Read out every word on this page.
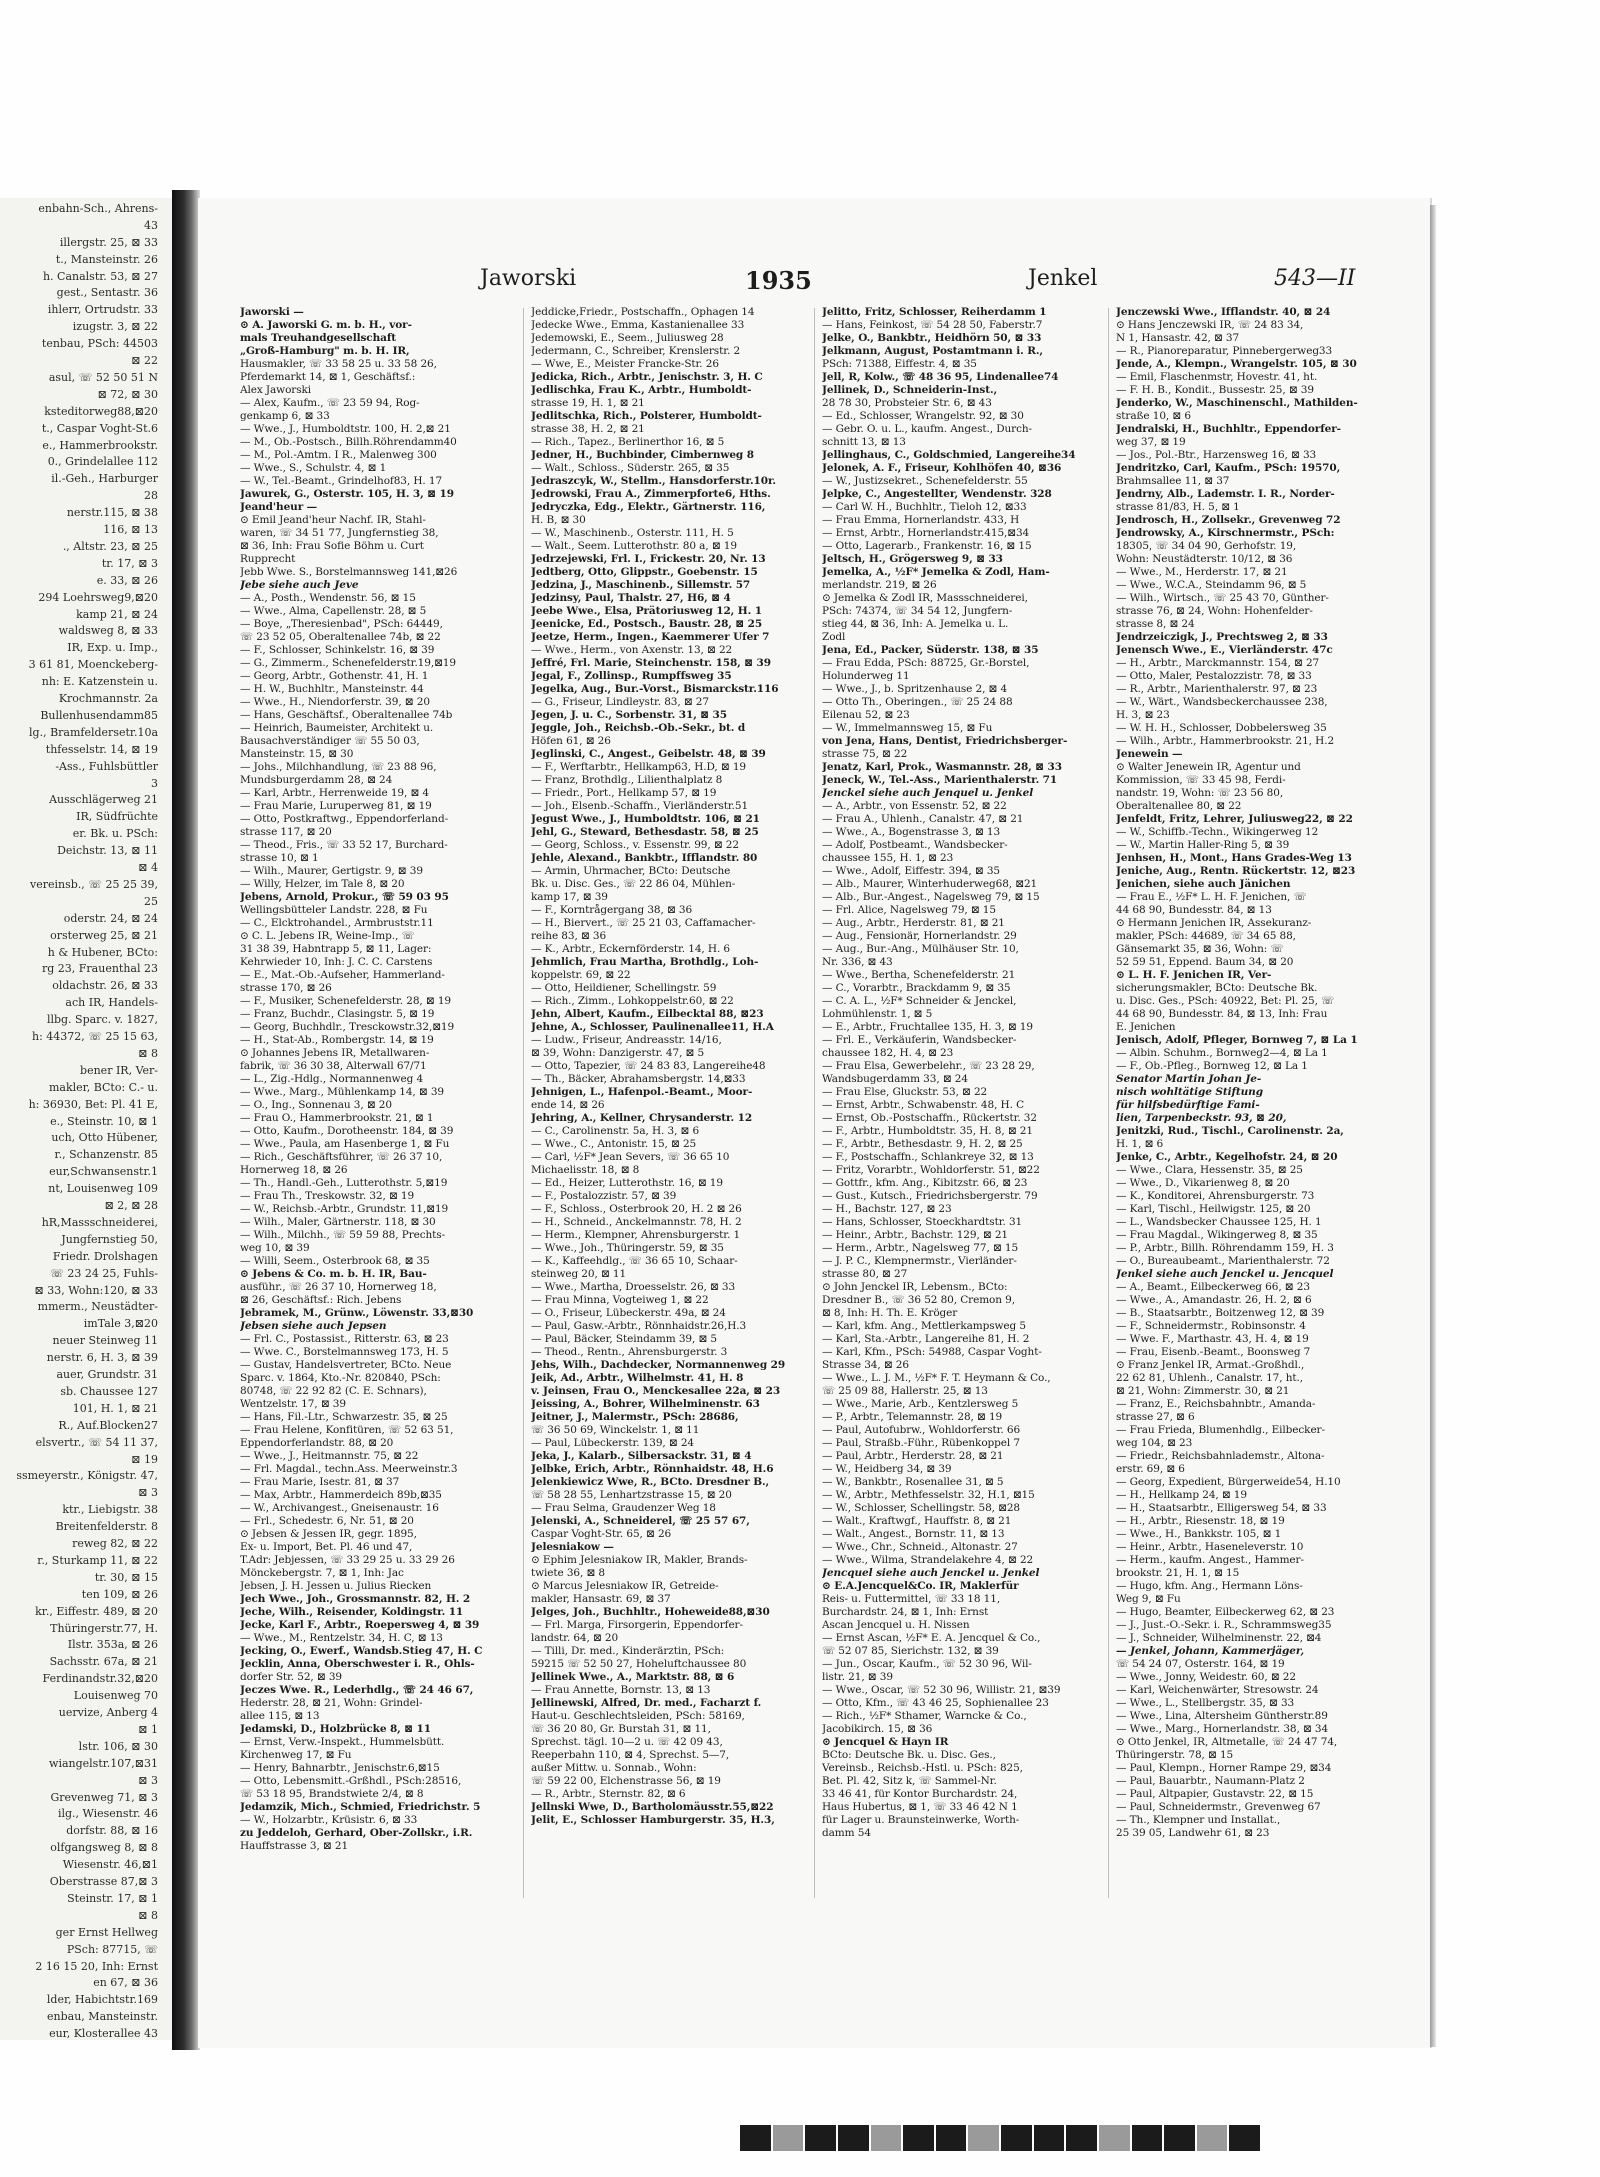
enbahn-Sch., Ahrens-
43
illergstr. 25, ⊠ 33
t., Mansteinstr. 26
h. Canalstr. 53, ⊠ 27
gest., Sentastr. 36
ihlerr, Ortrudstr. 33
izugstr. 3, ⊠ 22
tenbau, PSch: 44503
⊠ 22
asul, ☏ 52 50 51 N
⊠ 72, ⊠ 30
ksteditorweg88,⊠20
t., Caspar Voght-St.6
e., Hammerbrookstr.
0., Grindelallee 112
il.-Geh., Harburger
28
nerstr.115, ⊠ 38
116, ⊠ 13
., Altstr. 23, ⊠ 25
tr. 17, ⊠ 3
e. 33, ⊠ 26
294 Loehrsweg9,⊠20
kamp 21, ⊠ 24
waldsweg 8, ⊠ 33
IR, Exp. u. Imp.,
3 61 81, Moenckeberg-
nh: E. Katzenstein u.
Krochmannstr. 2a
Bullenhusendamm85
lg., Bramfeldersetr.10a
thfesselstr. 14, ⊠ 19
-Ass., Fuhlsbüttler
3
Ausschlägerweg 21
IR, Südfrüchte
er. Bk. u. PSch:
Deichstr. 13, ⊠ 11
⊠ 4
vereinsb., ☏ 25 25 39,
25
oderstr. 24, ⊠ 24
orsterweg 25, ⊠ 21
h & Hubener, BCto:
rg 23, Frauenthal 23
oldachstr. 26, ⊠ 33
ach IR, Handels-
llbg. Sparc. v. 1827,
h: 44372, ☏ 25 15 63,
⊠ 8
bener IR, Ver-
makler, BCto: C.- u.
h: 36930, Bet: Pl. 41 E,
e., Steinstr. 10, ⊠ 1
uch, Otto Hübener,
r., Schanzenstr. 85
eur,Schwansenstr.1
nt, Louisenweg 109
⊠ 2, ⊠ 28
hR,Massschneiderei,
Jungfernstieg 50,
Friedr. Drolshagen
☏ 23 24 25, Fuhls-
⊠ 33, Wohn:120, ⊠ 33
mmerm., Neustädter-
imTale 3,⊠20
neuer Steinweg 11
nerstr. 6, H. 3, ⊠ 39
auer, Grundstr. 31
sb. Chaussee 127
101, H. 1, ⊠ 21
R., Auf.Blocken27
elsvertr., ☏ 54 11 37,
⊠ 19
ssmeyerstr., Königstr. 47,
⊠ 3
ktr., Liebigstr. 38
Breitenfelderstr. 8
reweg 82, ⊠ 22
r., Sturkamp 11, ⊠ 22
tr. 30, ⊠ 15
ten 109, ⊠ 26
kr., Eiffestr. 489, ⊠ 20
Thüringerstr.77, H.
Ilstr. 353a, ⊠ 26
Sachsstr. 67a, ⊠ 21
Ferdinandstr.32,⊠20
Louisenweg 70
uervize, Anberg 4
⊠ 1
lstr. 106, ⊠ 30
wiangelstr.107,⊠31
⊠ 3
Grevenweg 71, ⊠ 3
ilg., Wiesenstr. 46
dorfstr. 88, ⊠ 16
olfgangsweg 8, ⊠ 8
Wiesenstr. 46,⊠1
Oberstrasse 87,⊠ 3
Steinstr. 17, ⊠ 1
⊠ 8
ger Ernst Hellweg
PSch: 87715, ☏
2 16 15 20, Inh: Ernst
en 67, ⊠ 36
lder, Habichtstr.169
enbau, Mansteinstr.
eur, Klosterallee 43
Jaworski	1935	Jenkel	543—II
Jaworski —
⊙ A. Jaworski G. m. b. H., vor-
mals Treuhandgesellschaft
„Groß-Hamburg" m. b. H. IR,
Hausmakler, ☏ 33 58 25 u. 33 58 26,
Pferdemarkt 14, ⊠ 1, Geschäftsf.:
Alex Jaworski
— Alex, Kaufm., ☏ 23 59 94, Rog-
genkamp 6, ⊠ 33
— Wwe., J., Humboldtstr. 100, H. 2,⊠ 21
— M., Ob.-Postsch., Billh.Röhrendamm40
— M., Pol.-Amtm. I R., Malenweg 300
— Wwe., S., Schulstr. 4, ⊠ 1
— W., Tel.-Beamt., Grindelhof83, H. 17
Jawurek, G., Osterstr. 105, H. 3, ⊠ 19
Jeand'heur —
⊙ Emil Jeand'heur Nachf. IR, Stahl-
waren, ☏ 34 51 77, Jungfernstieg 38,
⊠ 36, Inh: Frau Sofie Böhm u. Curt
Rupprecht
Jebb Wwe. S., Borstelmannsweg 141,⊠26
Jebe siehe auch Jeve
— A., Posth., Wendenstr. 56, ⊠ 15
— Wwe., Alma, Capellenstr. 28, ⊠ 5
— Boye, „Theresienbad", PSch: 64449,
☏ 23 52 05, Oberaltenallee 74b, ⊠ 22
— F., Schlosser, Schinkelstr. 16, ⊠ 39
— G., Zimmerm., Schenefelderstr.19,⊠19
— Georg, Arbtr., Gothenstr. 41, H. 1
— H. W., Buchhltr., Mansteinstr. 44
— Wwe., H., Niendorferstr. 39, ⊠ 20
— Hans, Geschäftsf., Oberaltenallee 74b
— Heinrich, Baumeister, Architekt u.
Bausachverständiger ☏ 55 50 03,
Mansteinstr. 15, ⊠ 30
— Johs., Milchhandlung, ☏ 23 88 96,
Mundsburgerdamm 28, ⊠ 24
— Karl, Arbtr., Herrenweide 19, ⊠ 4
— Frau Marie, Luruperweg 81, ⊠ 19
— Otto, Postkraftwg., Eppendorferland-
strasse 117, ⊠ 20
— Theod., Fris., ☏ 33 52 17, Burchard-
strasse 10, ⊠ 1
— Wilh., Maurer, Gertigstr. 9, ⊠ 39
— Willy, Helzer, im Tale 8, ⊠ 20
Jebens, Arnold, Prokur., ☏ 59 03 95
Wellingsbütteler Landstr. 228, ⊠ Fu
— C., Elcktrohandel., Armbruststr.11
⊙ C. L. Jebens IR, Weine-Imp., ☏
31 38 39, Habntrapp 5, ⊠ 11, Lager:
Kehrwieder 10, Inh: J. C. C. Carstens
— E., Mat.-Ob.-Aufseher, Hammerland-
strasse 170, ⊠ 26
— F., Musiker, Schenefelderstr. 28, ⊠ 19
— Franz, Buchdr., Clasingstr. 5, ⊠ 19
— Georg, Buchhdlr., Tresckowstr.32,⊠19
— H., Stat-Ab., Rombergstr. 14, ⊠ 19
⊙ Johannes Jebens IR, Metallwaren-
fabrik, ☏ 36 30 38, Alterwall 67/71
— L., Zig.-Hdlg., Normannenweg 4
— Wwe., Marg., Mühlenkamp 14, ⊠ 39
— O., Ing., Sonnenau 3, ⊠ 20
— Frau O., Hammerbrookstr. 21, ⊠ 1
— Otto, Kaufm., Dorotheenstr. 184, ⊠ 39
— Wwe., Paula, am Hasenberge 1, ⊠ Fu
— Rich., Geschäftsführer, ☏ 26 37 10,
Hornerweg 18, ⊠ 26
— Th., Handl.-Geh., Lutterothstr. 5,⊠19
— Frau Th., Treskowstr. 32, ⊠ 19
— W., Reichsb.-Arbtr., Grundstr. 11,⊠19
— Wilh., Maler, Gärtnerstr. 118, ⊠ 30
— Wilh., Milchh., ☏ 59 59 88, Prechts-
weg 10, ⊠ 39
— Willi, Seem., Osterbrook 68, ⊠ 35
⊙ Jebens & Co. m. b. H. IR, Bau-
ausführ., ☏ 26 37 10, Hornerweg 18,
⊠ 26, Geschäftsf.: Rich. Jebens
Jebramek, M., Grünw., Löwenstr. 33,⊠30
Jebsen siehe auch Jepsen
— Frl. C., Postassist., Ritterstr. 63, ⊠ 23
— Wwe. C., Borstelmannsweg 173, H. 5
— Gustav, Handelsvertreter, BCto. Neue
Sparc. v. 1864, Kto.-Nr. 820840, PSch:
80748, ☏ 22 92 82 (C. E. Schnars),
Wentzelstr. 17, ⊠ 39
— Hans, Fil.-Ltr., Schwarzestr. 35, ⊠ 25
— Frau Helene, Konfitüren, ☏ 52 63 51,
Eppendorferlandstr. 88, ⊠ 20
— Wwe., J., Heitmannstr. 75, ⊠ 22
— Frl. Magdal., techn.Ass. Meerweinstr.3
— Frau Marie, Isestr. 81, ⊠ 37
— Max, Arbtr., Hammerdeich 89b,⊠35
— W., Archivangest., Gneisenaustr. 16
— Frl., Schedestr. 6, Nr. 51, ⊠ 20
⊙ Jebsen & Jessen IR, gegr. 1895,
Ex- u. Import, Bet. Pl. 46 und 47,
T.Adr: Jebjessen, ☏ 33 29 25 u. 33 29 26
Mönckebergstr. 7, ⊠ 1, Inh: Jac
Jebsen, J. H. Jessen u. Julius Riecken
Jech Wwe., Joh., Grossmannstr. 82, H. 2
Jeche, Wilh., Reisender, Koldingstr. 11
Jecke, Karl F., Arbtr., Roepersweg 4, ⊠ 39
— Wwe., M., Rentzelstr. 34, H. C, ⊠ 13
Jecking, O., Ewerf., Wandsb.Stieg 47, H. C
Jecklin, Anna, Oberschwester i. R., Ohls-
dorfer Str. 52, ⊠ 39
Jeczes Wwe. R., Lederhdlg., ☏ 24 46 67,
Hederstr. 28, ⊠ 21, Wohn: Grindel-
allee 115, ⊠ 13
Jedamski, D., Holzbrücke 8, ⊠ 11
— Ernst, Verw.-Inspekt., Hummelsbütt.
Kirchenweg 17, ⊠ Fu
— Henry, Bahnarbtr., Jenischstr.6,⊠15
— Otto, Lebensmitt.-Grßhdl., PSch:28516,
☏ 53 18 95, Brandstwiete 2/4, ⊠ 8
Jedamzik, Mich., Schmied, Friedrichstr. 5
— W., Holzarbtr., Krüsistr. 6, ⊠ 33
zu Jeddeloh, Gerhard, Ober-Zollskr., i.R.
Hauffstrasse 3, ⊠ 21
Jeddicke,Friedr., Postschaffn., Ophagen 14
Jedecke Wwe., Emma, Kastanienallee 33
Jedemowski, E., Seem., Juliusweg 28
Jedermann, C., Schreiber, Krenslerstr. 2
— Wwe, E., Meister Francke-Str. 26
Jedicka, Rich., Arbtr., Jenischstr. 3, H. C
Jedlischka, Frau K., Arbtr., Humboldt-
strasse 19, H. 1, ⊠ 21
Jedlitschka, Rich., Polsterer, Humboldt-
strasse 38, H. 2, ⊠ 21
— Rich., Tapez., Berlinerthor 16, ⊠ 5
Jedner, H., Buchbinder, Cimbernweg 8
— Walt., Schloss., Süderstr. 265, ⊠ 35
Jedraszcyk, W., Stellm., Hansdorferstr.10r.
Jedrowski, Frau A., Zimmerpforte6, Hths.
Jedryczka, Edg., Elektr., Gärtnerstr. 116,
H. B, ⊠ 30
— W., Maschinenb., Osterstr. 111, H. 5
— Walt., Seem. Lutterothstr. 80 a, ⊠ 19
Jedrzejewski, Frl. I., Frickestr. 20, Nr. 13
Jedtberg, Otto, Glippstr., Goebenstr. 15
Jedzina, J., Maschinenb., Sillemstr. 57
Jedzinsy, Paul, Thalstr. 27, H6, ⊠ 4
Jeebe Wwe., Elsa, Prätoriusweg 12, H. 1
Jeenicke, Ed., Postsch., Baustr. 28, ⊠ 25
Jeetze, Herm., Ingen., Kaemmerer Ufer 7
— Wwe., Herm., von Axenstr. 13, ⊠ 22
Jeffré, Frl. Marie, Steinchenstr. 158, ⊠ 39
Jegal, F., Zollinsp., Rumpffsweg 35
Jegelka, Aug., Bur.-Vorst., Bismarckstr.116
— G., Friseur, Lindleystr. 83, ⊠ 27
Jegen, J. u. C., Sorbenstr. 31, ⊠ 35
Jeggle, Joh., Reichsb.-Ob.-Sekr., bt. d
Höfen 61, ⊠ 26
Jeglinski, C., Angest., Geibelstr. 48, ⊠ 39
— F., Werftarbtr., Hellkamp63, H.D, ⊠ 19
— Franz, Brothdlg., Lilienthalplatz 8
— Friedr., Port., Hellkamp 57, ⊠ 19
— Joh., Elsenb.-Schaffn., Vierländerstr.51
Jegust Wwe., J., Humboldtstr. 106, ⊠ 21
Jehl, G., Steward, Bethesdastr. 58, ⊠ 25
— Georg, Schloss., v. Essenstr. 99, ⊠ 22
Jehle, Alexand., Bankbtr., Ifflandstr. 80
— Armin, Uhrmacher, BCto: Deutsche
Bk. u. Disc. Ges., ☏ 22 86 04, Mühlen-
kamp 17, ⊠ 39
— F., Korntrågergang 38, ⊠ 36
— H., Biervert., ☏ 25 21 03, Caffamacher-
reihe 83, ⊠ 36
— K., Arbtr., Eckernförderstr. 14, H. 6
Jehmlich, Frau Martha, Brothdlg., Loh-
koppelstr. 69, ⊠ 22
— Otto, Heildiener, Schellingstr. 59
— Rich., Zimm., Lohkoppelstr.60, ⊠ 22
Jehn, Albert, Kaufm., Eilbecktal 88, ⊠23
Jehne, A., Schlosser, Paulinenallee11, H.A
— Ludw., Friseur, Andreasstr. 14/16,
⊠ 39, Wohn: Danzigerstr. 47, ⊠ 5
— Otto, Tapezier, ☏ 24 83 83, Langereihe48
— Th., Bäcker, Abrahamsbergstr. 14,⊠33
Jehnigen, L., Hafenpol.-Beamt., Moor-
ende 14, ⊠ 26
Jehring, A., Kellner, Chrysanderstr. 12
— C., Carolinenstr. 5a, H. 3, ⊠ 6
— Wwe., C., Antonistr. 15, ⊠ 25
— Carl, ½F* Jean Severs, ☏ 36 65 10
Michaelisstr. 18, ⊠ 8
— Ed., Heizer, Lutterothstr. 16, ⊠ 19
— F., Postalozzistr. 57, ⊠ 39
— F., Schloss., Osterbrook 20, H. 2 ⊠ 26
— H., Schneid., Anckelmannstr. 78, H. 2
— Herm., Klempner, Ahrensburgerstr. 1
— Wwe., Joh., Thüringerstr. 59, ⊠ 35
— K., Kaffeehdlg., ☏ 36 65 10, Schaar-
steinweg 20, ⊠ 11
— Wwe., Martha, Droesselstr. 26, ⊠ 33
— Frau Minna, Vogteiweg 1, ⊠ 22
— O., Friseur, Lübeckerstr. 49a, ⊠ 24
— Paul, Gasw.-Arbtr., Rönnhaidstr.26,H.3
— Paul, Bäcker, Steindamm 39, ⊠ 5
— Theod., Rentn., Ahrensburgerstr. 3
Jehs, Wilh., Dachdecker, Normannenweg 29
Jeik, Ad., Arbtr., Wilhelmstr. 41, H. 8
v. Jeinsen, Frau O., Menckesallee 22a, ⊠ 23
Jeissing, A., Bohrer, Wilhelminenstr. 63
Jeitner, J., Malermstr., PSch: 28686,
☏ 36 50 69, Winckelstr. 1, ⊠ 11
— Paul, Lübeckerstr. 139, ⊠ 24
Jeka, J., Kalarb., Silbersackstr. 31, ⊠ 4
Jelbke, Erich, Arbtr., Rönnhaidstr. 48, H.6
Jelenkiewicz Wwe, R., BCto. Dresdner B.,
☏ 58 28 55, Lenhartzstrasse 15, ⊠ 20
— Frau Selma, Graudenzer Weg 18
Jelenski, A., Schneiderel, ☏ 25 57 67,
Caspar Voght-Str. 65, ⊠ 26
Jelesniakow —
⊙ Ephim Jelesniakow IR, Makler, Brands-
twiete 36, ⊠ 8
⊙ Marcus Jelesniakow IR, Getreide-
makler, Hansastr. 69, ⊠ 37
Jelges, Joh., Buchhltr., Hoheweide88,⊠30
— Frl. Marga, Firsorgerin, Eppendorfer-
landstr. 64, ⊠ 20
— Tilli, Dr. med., Kinderärztin, PSch:
59215 ☏ 52 50 27, Hoheluftchaussee 80
Jellinek Wwe., A., Marktstr. 88, ⊠ 6
— Frau Annette, Bornstr. 13, ⊠ 13
Jellinewski, Alfred, Dr. med., Facharzt f.
Haut-u. Geschlechtsleiden, PSch: 58169,
☏ 36 20 80, Gr. Burstah 31, ⊠ 11,
Sprechst. tägl. 10—2 u. ☏ 42 09 43,
Reeperbahn 110, ⊠ 4, Sprechst. 5—7,
außer Mittw. u. Sonnab., Wohn:
☏ 59 22 00, Elchenstrasse 56, ⊠ 19
— R., Arbtr., Sternstr. 82, ⊠ 6
Jellnski Wwe, D., Bartholomäusstr.55,⊠22
Jelit, E., Schlosser Hamburgerstr. 35, H.3,
Jelitto, Fritz, Schlosser, Reiherdamm 1
— Hans, Feinkost, ☏ 54 28 50, Faberstr.7
Jelke, O., Bankbtr., Heidhörn 50, ⊠ 33
Jelkmann, August, Postamtmann i. R.,
PSch: 71388, Eiffestr. 4, ⊠ 35
Jell, R, Kolw., ☏ 48 36 95, Lindenallee74
Jellinek, D., Schneiderin-Inst.,
28 78 30, Probsteier Str. 6, ⊠ 43
— Ed., Schlosser, Wrangelstr. 92, ⊠ 30
— Gebr. O. u. L., kaufm. Angest., Durch-
schnitt 13, ⊠ 13
Jellinghaus, C., Goldschmied, Langereihe34
Jelonek, A. F., Friseur, Kohlhöfen 40, ⊠36
— W., Justizsekret., Schenefelderstr. 55
Jelpke, C., Angestellter, Wendenstr. 328
— Carl W. H., Buchhltr., Tieloh 12, ⊠33
— Frau Emma, Hornerlandstr. 433, H
— Ernst, Arbtr., Hornerlandstr.415,⊠34
— Otto, Lagerarb., Frankenstr. 16, ⊠ 15
Jeltsch, H., Grögersweg 9, ⊠ 33
Jemelka, A., ½F* Jemelka & Zodl, Ham-
merlandstr. 219, ⊠ 26
⊙ Jemelka & Zodl IR, Massschneiderei,
PSch: 74374, ☏ 34 54 12, Jungfern-
stieg 44, ⊠ 36, Inh: A. Jemelka u. L.
Zodl
Jena, Ed., Packer, Süderstr. 138, ⊠ 35
— Frau Edda, PSch: 88725, Gr.-Borstel,
Holunderweg 11
— Wwe., J., b. Spritzenhause 2, ⊠ 4
— Otto Th., Oberingen., ☏ 25 24 88
Eilenau 52, ⊠ 23
— W., Immelmannsweg 15, ⊠ Fu
von Jena, Hans, Dentist, Friedrichsberger-
strasse 75, ⊠ 22
Jenatz, Karl, Prok., Wasmannstr. 28, ⊠ 33
Jeneck, W., Tel.-Ass., Marienthalerstr. 71
Jenckel siehe auch Jenquel u. Jenkel
— A., Arbtr., von Essenstr. 52, ⊠ 22
— Frau A., Uhlenh., Canalstr. 47, ⊠ 21
— Wwe., A., Bogenstrasse 3, ⊠ 13
— Adolf, Postbeamt., Wandsbecker-
chaussee 155, H. 1, ⊠ 23
— Wwe., Adolf, Eiffestr. 394, ⊠ 35
— Alb., Maurer, Winterhuderweg68, ⊠21
— Alb., Bur.-Angest., Nagelsweg 79, ⊠ 15
— Frl. Alice, Nagelsweg 79, ⊠ 15
— Aug., Arbtr., Herderstr. 81, ⊠ 21
— Aug., Fensionär, Hornerlandstr. 29
— Aug., Bur.-Ang., Mülhäuser Str. 10,
Nr. 336, ⊠ 43
— Wwe., Bertha, Schenefelderstr. 21
— C., Vorarbtr., Brackdamm 9, ⊠ 35
— C. A. L., ½F* Schneider & Jenckel,
Lohmühlenstr. 1, ⊠ 5
— E., Arbtr., Fruchtallee 135, H. 3, ⊠ 19
— Frl. E., Verkäuferin, Wandsbecker-
chaussee 182, H. 4, ⊠ 23
— Frau Elsa, Gewerbelehr., ☏ 23 28 29,
Wandsbugerdamm 33, ⊠ 24
— Frau Else, Gluckstr. 53, ⊠ 22
— Ernst, Arbtr., Schwabenstr. 48, H. C
— Ernst, Ob.-Postschaffn., Rückertstr. 32
— F., Arbtr., Humboldtstr. 35, H. 8, ⊠ 21
— F., Arbtr., Bethesdastr. 9, H. 2, ⊠ 25
— F., Postschaffn., Schlankreye 32, ⊠ 13
— Fritz, Vorarbtr., Wohldorferstr. 51, ⊠22
— Gottfr., kfm. Ang., Kibitzstr. 66, ⊠ 23
— Gust., Kutsch., Friedrichsbergerstr. 79
— H., Bachstr. 127, ⊠ 23
— Hans, Schlosser, Stoeckhardtstr. 31
— Heinr., Arbtr., Bachstr. 129, ⊠ 21
— Herm., Arbtr., Nagelsweg 77, ⊠ 15
— J. P. C., Klempnermstr., Vierländer-
strasse 80, ⊠ 27
⊙ John Jenckel IR, Lebensm., BCto:
Dresdner B., ☏ 36 52 80, Cremon 9,
⊠ 8, Inh: H. Th. E. Kröger
— Karl, kfm. Ang., Mettlerkampsweg 5
— Karl, Sta.-Arbtr., Langereihe 81, H. 2
— Karl, Kfm., PSch: 54988, Caspar Voght-
Strasse 34, ⊠ 26
— Wwe., L. J. M., ½F* F. T. Heymann & Co.,
☏ 25 09 88, Hallerstr. 25, ⊠ 13
— Wwe., Marie, Arb., Kentzlersweg 5
— P., Arbtr., Telemannstr. 28, ⊠ 19
— Paul, Autofubrw., Wohldorferstr. 66
— Paul, Straßb.-Führ., Rübenkoppel 7
— Paul, Arbtr., Herderstr. 28, ⊠ 21
— W., Heidberg 34, ⊠ 39
— W., Bankbtr., Rosenallee 31, ⊠ 5
— W., Arbtr., Methfesselstr. 32, H.1, ⊠15
— W., Schlosser, Schellingstr. 58, ⊠28
— Walt., Kraftwgf., Hauffstr. 8, ⊠ 21
— Walt., Angest., Bornstr. 11, ⊠ 13
— Wwe., Chr., Schneid., Altonastr. 27
— Wwe., Wilma, Strandelakehre 4, ⊠ 22
Jencquel siehe auch Jenckel u. Jenkel
⊙ E.A.Jencquel&Co. IR, Maklerfür
Reis- u. Futtermittel, ☏ 33 18 11,
Burchardstr. 24, ⊠ 1, Inh: Ernst
Ascan Jencquel u. H. Nissen
— Ernst Ascan, ½F* E. A. Jencquel & Co.,
☏ 52 07 85, Sierichstr. 132, ⊠ 39
— Jun., Oscar, Kaufm., ☏ 52 30 96, Wil-
listr. 21, ⊠ 39
— Wwe., Oscar, ☏ 52 30 96, Willistr. 21, ⊠39
— Otto, Kfm., ☏ 43 46 25, Sophienallee 23
— Rich., ½F* Sthamer, Warncke & Co.,
Jacobikirch. 15, ⊠ 36
⊙ Jencquel & Hayn IR
BCto: Deutsche Bk. u. Disc. Ges.,
Vereinsb., Reichsb.-Hstl. u. PSch: 825,
Bet. Pl. 42, Sitz k, ☏ Sammel-Nr.
33 46 41, für Kontor Burchardstr. 24,
Haus Hubertus, ⊠ 1, ☏ 33 46 42 N 1
für Lager u. Braunsteinwerke, Worth-
damm 54
Jenczewski Wwe., Ifflandstr. 40, ⊠ 24
⊙ Hans Jenczewski IR, ☏ 24 83 34,
N 1, Hansastr. 42, ⊠ 37
— R., Pianoreparatur, Pinnebergerweg33
Jende, A., Klempn., Wrangelstr. 105, ⊠ 30
— Emil, Flaschenmstr, Hovestr. 41, ht.
— F. H. B., Kondit., Bussestr. 25, ⊠ 39
Jenderko, W., Maschinenschl., Mathilden-
straße 10, ⊠ 6
Jendralski, H., Buchhltr., Eppendorfer-
weg 37, ⊠ 19
— Jos., Pol.-Btr., Harzensweg 16, ⊠ 33
Jendritzko, Carl, Kaufm., PSch: 19570,
Brahmsallee 11, ⊠ 37
Jendrny, Alb., Lademstr. I. R., Norder-
strasse 81/83, H. 5, ⊠ 1
Jendrosch, H., Zollsekr., Grevenweg 72
Jendrowsky, A., Kirschnermstr., PSch:
18305, ☏ 34 04 90, Gerhofstr. 19,
Wohn: Neustädterstr. 10/12, ⊠ 36
— Wwe., M., Herderstr. 17, ⊠ 21
— Wwe., W.C.A., Steindamm 96, ⊠ 5
— Wilh., Wirtsch., ☏ 25 43 70, Günther-
strasse 76, ⊠ 24, Wohn: Hohenfelder-
strasse 8, ⊠ 24
Jendrzeiczigk, J., Prechtsweg 2, ⊠ 33
Jenensch Wwe., E., Vierländerstr. 47c
— H., Arbtr., Marckmannstr. 154, ⊠ 27
— Otto, Maler, Pestalozzistr. 78, ⊠ 33
— R., Arbtr., Marienthalerstr. 97, ⊠ 23
— W., Wärt., Wandsbeckerchaussee 238,
H. 3, ⊠ 23
— W. H. H., Schlosser, Dobbelersweg 35
— Wilh., Arbtr., Hammerbrookstr. 21, H.2
Jenewein —
⊙ Walter Jenewein IR, Agentur und
Kommission, ☏ 33 45 98, Ferdi-
nandstr. 19, Wohn: ☏ 23 56 80,
Oberaltenallee 80, ⊠ 22
Jenfeldt, Fritz, Lehrer, Juliusweg22, ⊠ 22
— W., Schiffb.-Techn., Wikingerweg 12
— W., Martin Haller-Ring 5, ⊠ 39
Jenhsen, H., Mont., Hans Grades-Weg 13
Jeniche, Aug., Rentn. Rückertstr. 12, ⊠23
Jenichen, siehe auch Jänichen
— Frau E., ½F* L. H. F. Jenichen, ☏
44 68 90, Bundesstr. 84, ⊠ 13
⊙ Hermann Jenichen IR, Assekuranz-
makler, PSch: 44689, ☏ 34 65 88,
Gänsemarkt 35, ⊠ 36, Wohn: ☏
52 59 51, Eppend. Baum 34, ⊠ 20
⊙ L. H. F. Jenichen IR, Ver-
sicherungsmakler, BCto: Deutsche Bk.
u. Disc. Ges., PSch: 40922, Bet: Pl. 25, ☏
44 68 90, Bundesstr. 84, ⊠ 13, Inh: Frau
E. Jenichen
Jenisch, Adolf, Pfleger, Bornweg 7, ⊠ La 1
— Albin. Schuhm., Bornweg2—4, ⊠ La 1
— F., Ob.-Pfleg., Bornweg 12, ⊠ La 1
Senator Martin Johan Je-
nisch wohltätige Stiftung
für hilfsbedürftige Fami-
lien, Tarpenbeckstr. 93, ⊠ 20,
Jenitzki, Rud., Tischl., Carolinenstr. 2a,
H. 1, ⊠ 6
Jenke, C., Arbtr., Kegelhofstr. 24, ⊠ 20
— Wwe., Clara, Hessenstr. 35, ⊠ 25
— Wwe., D., Vikarienweg 8, ⊠ 20
— K., Konditorei, Ahrensburgerstr. 73
— Karl, Tischl., Heilwigstr. 125, ⊠ 20
— L., Wandsbecker Chaussee 125, H. 1
— Frau Magdal., Wikingerweg 8, ⊠ 35
— P., Arbtr., Billh. Röhrendamm 159, H. 3
— O., Bureaubeamt., Marienthalerstr. 72
Jenkel siehe auch Jenckel u. Jencquel
— A., Beamt., Eilbeckerweg 66, ⊠ 23
— Wwe., A., Amandastr. 26, H. 2, ⊠ 6
— B., Staatsarbtr., Boitzenweg 12, ⊠ 39
— F., Schneidermstr., Robinsonstr. 4
— Wwe. F., Marthastr. 43, H. 4, ⊠ 19
— Frau, Eisenb.-Beamt., Boonsweg 7
⊙ Franz Jenkel IR, Armat.-Großhdl.,
22 62 81, Uhlenh., Canalstr. 17, ht.,
⊠ 21, Wohn: Zimmerstr. 30, ⊠ 21
— Franz, E., Reichsbahnbtr., Amanda-
strasse 27, ⊠ 6
— Frau Frieda, Blumenhdlg., Eilbecker-
weg 104, ⊠ 23
— Friedr., Reichsbahnlademstr., Altona-
erstr. 69, ⊠ 6
— Georg, Expedient, Bürgerweide54, H.10
— H., Hellkamp 24, ⊠ 19
— H., Staatsarbtr., Elligersweg 54, ⊠ 33
— H., Arbtr., Riesenstr. 18, ⊠ 19
— Wwe., H., Bankkstr. 105, ⊠ 1
— Heinr., Arbtr., Haseneleverstr. 10
— Herm., kaufm. Angest., Hammer-
brookstr. 21, H. 1, ⊠ 15
— Hugo, kfm. Ang., Hermann Löns-
Weg 9, ⊠ Fu
— Hugo, Beamter, Eilbeckerweg 62, ⊠ 23
— J., Just.-O.-Sekr. i. R., Schrammsweg35
— J., Schneider, Wilhelminenstr. 22, ⊠4
— Jenkel, Johann, Kammerjäger,
☏ 54 24 07, Osterstr. 164, ⊠ 19
— Wwe., Jonny, Weidestr. 60, ⊠ 22
— Karl, Weichenwärter, Stresowstr. 24
— Wwe., L., Stellbergstr. 35, ⊠ 33
— Wwe., Lina, Altersheim Güntherstr.89
— Wwe., Marg., Hornerlandstr. 38, ⊠ 34
⊙ Otto Jenkel, IR, Altmetalle, ☏ 24 47 74,
Thüringerstr. 78, ⊠ 15
— Paul, Klempn., Horner Rampe 29, ⊠34
— Paul, Bauarbtr., Naumann-Platz 2
— Paul, Altpapier, Gustavstr. 22, ⊠ 15
— Paul, Schneidermstr., Grevenweg 67
— Th., Klempner und Installat.,
25 39 05, Landwehr 61, ⊠ 23
